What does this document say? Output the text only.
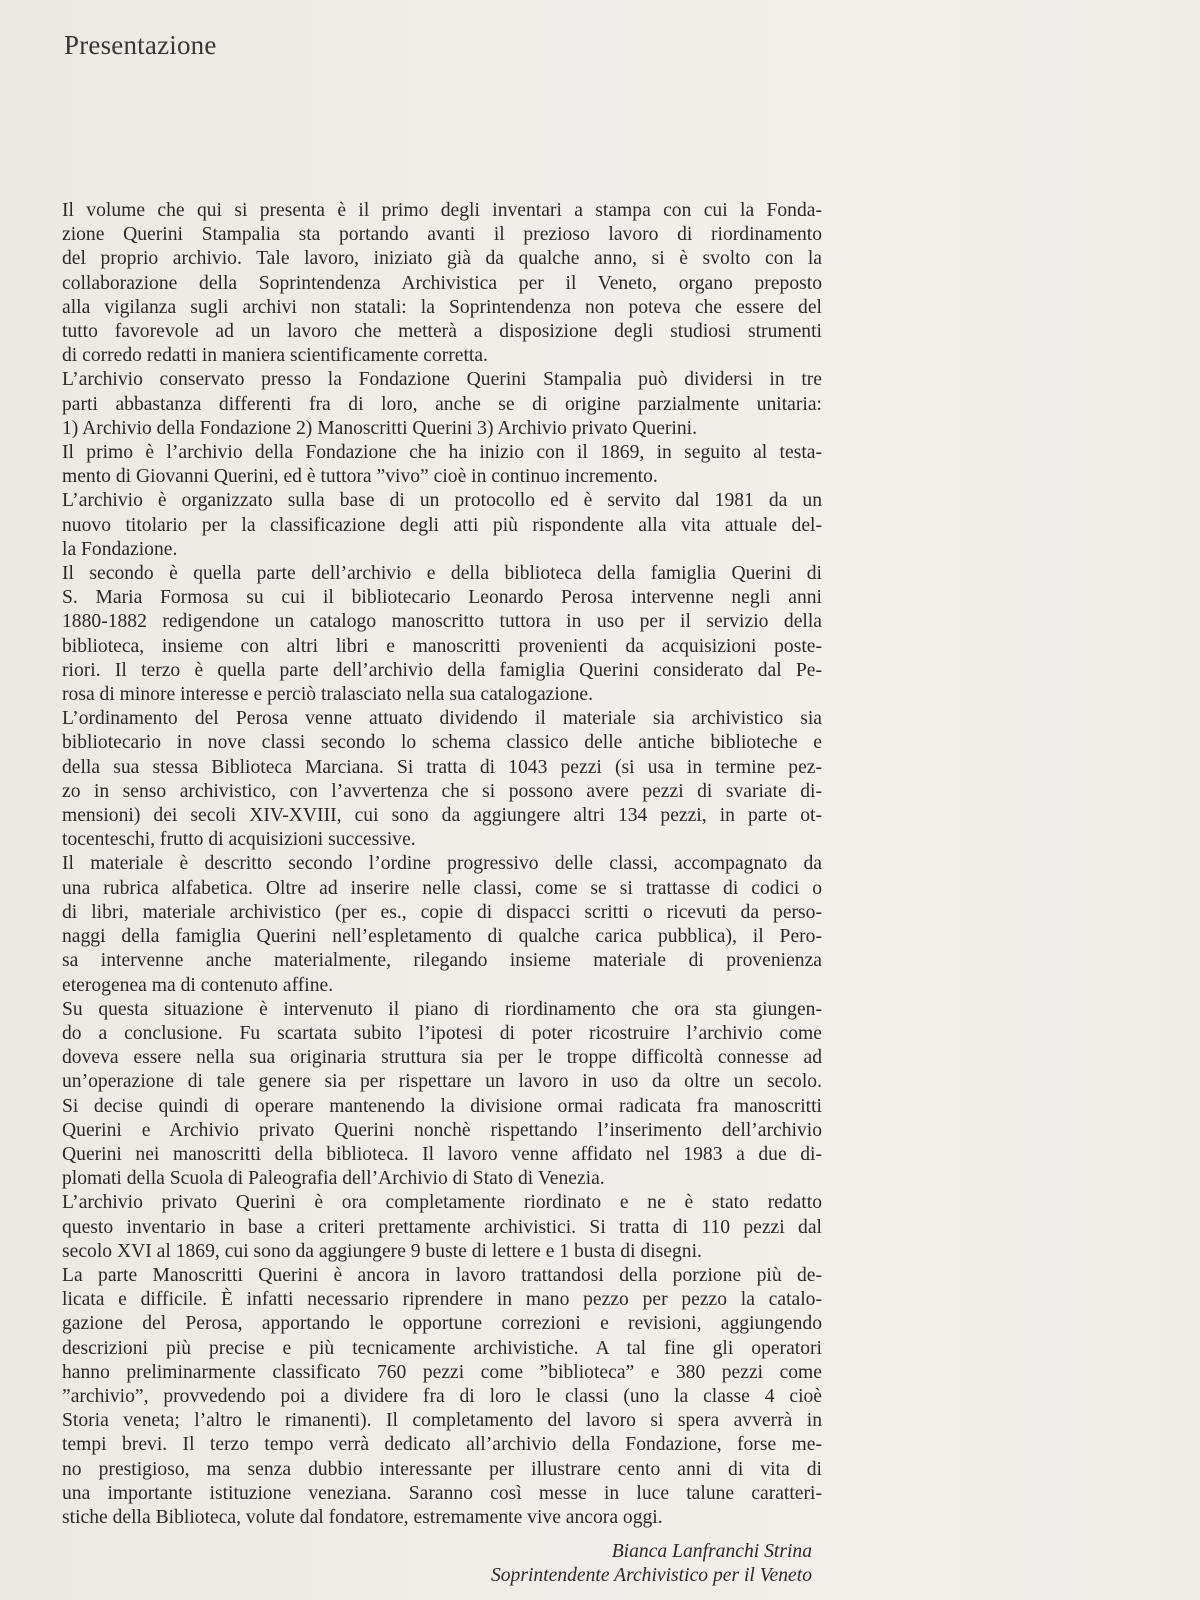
Presentazione
Il volume che qui si presenta è il primo degli inventari a stampa con cui la Fonda-
zione Querini Stampalia sta portando avanti il prezioso lavoro di riordinamento
del proprio archivio. Tale lavoro, iniziato già da qualche anno, si è svolto con la
collaborazione della Soprintendenza Archivistica per il Veneto, organo preposto
alla vigilanza sugli archivi non statali: la Soprintendenza non poteva che essere del
tutto favorevole ad un lavoro che metterà a disposizione degli studiosi strumenti
di corredo redatti in maniera scientificamente corretta.
L’archivio conservato presso la Fondazione Querini Stampalia può dividersi in tre
parti abbastanza differenti fra di loro, anche se di origine parzialmente unitaria:
1) Archivio della Fondazione 2) Manoscritti Querini 3) Archivio privato Querini.
Il primo è l’archivio della Fondazione che ha inizio con il 1869, in seguito al testa-
mento di Giovanni Querini, ed è tuttora ”vivo” cioè in continuo incremento.
L’archivio è organizzato sulla base di un protocollo ed è servito dal 1981 da un
nuovo titolario per la classificazione degli atti più rispondente alla vita attuale del-
la Fondazione.
Il secondo è quella parte dell’archivio e della biblioteca della famiglia Querini di
S. Maria Formosa su cui il bibliotecario Leonardo Perosa intervenne negli anni
1880-1882 redigendone un catalogo manoscritto tuttora in uso per il servizio della
biblioteca, insieme con altri libri e manoscritti provenienti da acquisizioni poste-
riori. Il terzo è quella parte dell’archivio della famiglia Querini considerato dal Pe-
rosa di minore interesse e perciò tralasciato nella sua catalogazione.
L’ordinamento del Perosa venne attuato dividendo il materiale sia archivistico sia
bibliotecario in nove classi secondo lo schema classico delle antiche biblioteche e
della sua stessa Biblioteca Marciana. Si tratta di 1043 pezzi (si usa in termine pez-
zo in senso archivistico, con l’avvertenza che si possono avere pezzi di svariate di-
mensioni) dei secoli XIV-XVIII, cui sono da aggiungere altri 134 pezzi, in parte ot-
tocenteschi, frutto di acquisizioni successive.
Il materiale è descritto secondo l’ordine progressivo delle classi, accompagnato da
una rubrica alfabetica. Oltre ad inserire nelle classi, come se si trattasse di codici o
di libri, materiale archivistico (per es., copie di dispacci scritti o ricevuti da perso-
naggi della famiglia Querini nell’espletamento di qualche carica pubblica), il Pero-
sa intervenne anche materialmente, rilegando insieme materiale di provenienza
eterogenea ma di contenuto affine.
Su questa situazione è intervenuto il piano di riordinamento che ora sta giungen-
do a conclusione. Fu scartata subito l’ipotesi di poter ricostruire l’archivio come
doveva essere nella sua originaria struttura sia per le troppe difficoltà connesse ad
un’operazione di tale genere sia per rispettare un lavoro in uso da oltre un secolo.
Si decise quindi di operare mantenendo la divisione ormai radicata fra manoscritti
Querini e Archivio privato Querini nonchè rispettando l’inserimento dell’archivio
Querini nei manoscritti della biblioteca. Il lavoro venne affidato nel 1983 a due di-
plomati della Scuola di Paleografia dell’Archivio di Stato di Venezia.
L’archivio privato Querini è ora completamente riordinato e ne è stato redatto
questo inventario in base a criteri prettamente archivistici. Si tratta di 110 pezzi dal
secolo XVI al 1869, cui sono da aggiungere 9 buste di lettere e 1 busta di disegni.
La parte Manoscritti Querini è ancora in lavoro trattandosi della porzione più de-
licata e difficile. È infatti necessario riprendere in mano pezzo per pezzo la catalo-
gazione del Perosa, apportando le opportune correzioni e revisioni, aggiungendo
descrizioni più precise e più tecnicamente archivistiche. A tal fine gli operatori
hanno preliminarmente classificato 760 pezzi come ”biblioteca” e 380 pezzi come
”archivio”, provvedendo poi a dividere fra di loro le classi (uno la classe 4 cioè
Storia veneta; l’altro le rimanenti). Il completamento del lavoro si spera avverrà in
tempi brevi. Il terzo tempo verrà dedicato all’archivio della Fondazione, forse me-
no prestigioso, ma senza dubbio interessante per illustrare cento anni di vita di
una importante istituzione veneziana. Saranno così messe in luce talune caratteri-
stiche della Biblioteca, volute dal fondatore, estremamente vive ancora oggi.
Bianca Lanfranchi Strina
Soprintendente Archivistico per il Veneto
